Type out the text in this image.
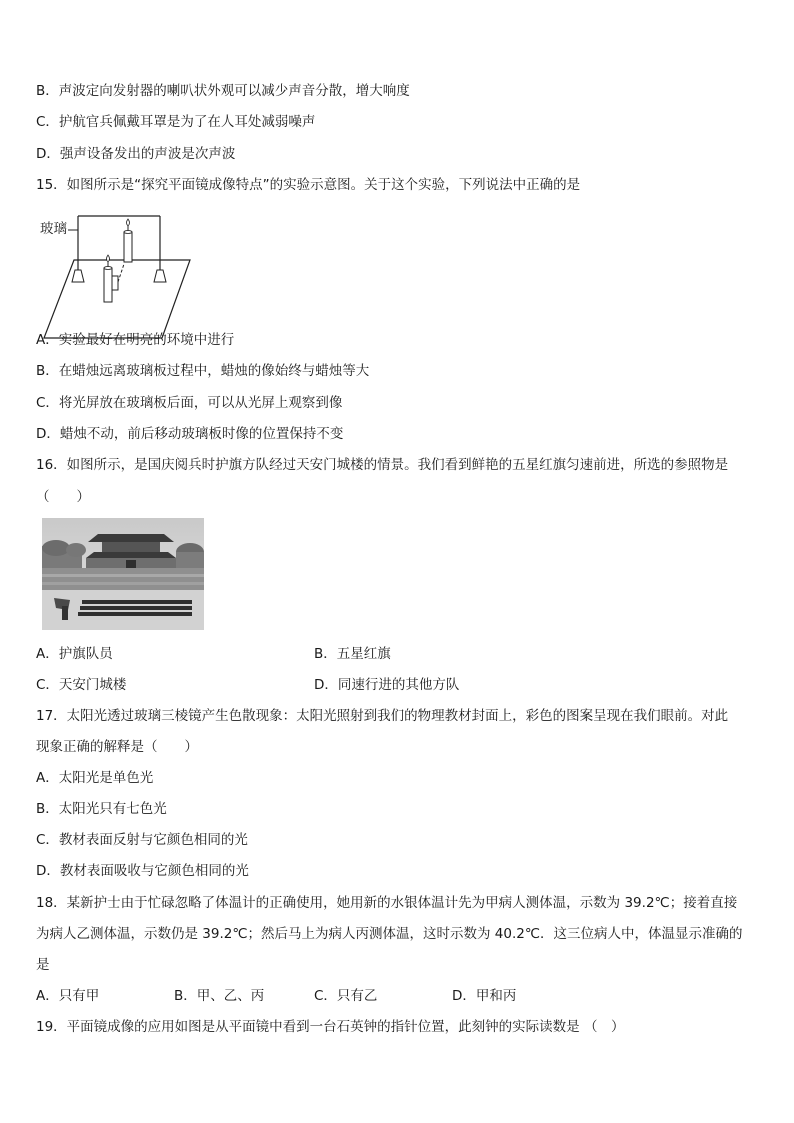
B．声波定向发射器的喇叭状外观可以减少声音分散，增大响度
C．护航官兵佩戴耳罩是为了在人耳处减弱噪声
D．强声设备发出的声波是次声波
15．如图所示是“探究平面镜成像特点”的实验示意图。关于这个实验，下列说法中正确的是
玻璃
A．实验最好在明亮的环境中进行
B．在蜡烛远离玻璃板过程中，蜡烛的像始终与蜡烛等大
C．将光屏放在玻璃板后面，可以从光屏上观察到像
D．蜡烛不动，前后移动玻璃板时像的位置保持不变
16．如图所示，是国庆阅兵时护旗方队经过天安门城楼的情景。我们看到鲜艳的五星红旗匀速前进，所选的参照物是
（　　）
A．护旗队员	B．五星红旗
C．天安门城楼	D．同速行进的其他方队
17．太阳光透过玻璃三棱镜产生色散现象：太阳光照射到我们的物理教材封面上，彩色的图案呈现在我们眼前。对此
现象正确的解释是（　　）
A．太阳光是单色光
B．太阳光只有七色光
C．教材表面反射与它颜色相同的光
D．教材表面吸收与它颜色相同的光
18．某新护士由于忙碌忽略了体温计的正确使用，她用新的水银体温计先为甲病人测体温，示数为 39.2℃；接着直接
为病人乙测体温，示数仍是 39.2℃；然后马上为病人丙测体温，这时示数为 40.2℃．这三位病人中，体温显示准确的
是
A．只有甲	B．甲、乙、丙	C．只有乙	D．甲和丙
19．平面镜成像的应用如图是从平面镜中看到一台石英钟的指针位置，此刻钟的实际读数是 （　）
